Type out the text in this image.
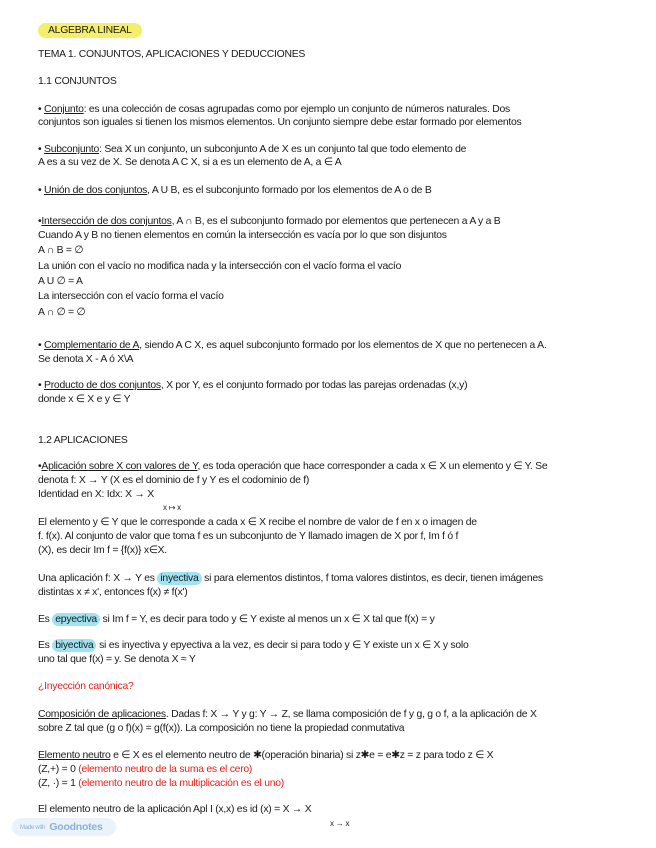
ALGEBRA LINEAL
TEMA 1. CONJUNTOS, APLICACIONES Y DEDUCCIONES
1.1 CONJUNTOS
• Conjunto: es una colección de cosas agrupadas como por ejemplo un conjunto de números naturales. Dos
conjuntos son iguales si tienen los mismos elementos. Un conjunto siempre debe estar formado por elementos
• Subconjunto: Sea X un conjunto, un subconjunto A de X es un conjunto tal que todo elemento de
A es a su vez de X. Se denota A C X, si a es un elemento de A, a ∈ A
• Unión de dos conjuntos, A U B, es el subconjunto formado por los elementos de A o de B
•Intersección de dos conjuntos, A ∩ B, es el subconjunto formado por elementos que pertenecen a A y a B
Cuando A y B no tienen elementos en común la intersección es vacía por lo que son disjuntos
A ∩ B = ∅
La unión con el vacío no modifica nada y la intersección con el vacío forma el vacío
A U ∅ = A
La intersección con el vacío forma el vacío
A ∩ ∅ = ∅
• Complementario de A, siendo A C X, es aquel subconjunto formado por los elementos de X que no pertenecen a A.
Se denota X - A ó X\A
• Producto de dos conjuntos, X por Y, es el conjunto formado por todas las parejas ordenadas (x,y)
donde x ∈ X e y ∈ Y
1.2 APLICACIONES
•Aplicación sobre X con valores de Y, es toda operación que hace corresponder a cada x ∈ X un elemento y ∈ Y. Se
denota f: X → Y (X es el dominio de f y Y es el codominio de f)
Identidad en X: Idx: X → X
x ↦ x
El elemento y ∈ Y que le corresponde a cada x ∈ X recibe el nombre de valor de f en x o imagen de
f. f(x). Al conjunto de valor que toma f es un subconjunto de Y llamado imagen de X por f, Im f ó f
(X), es decir Im f = {f(x)} x∈X.
Una aplicación f: X → Y es inyectiva si para elementos distintos, f toma valores distintos, es decir, tienen imágenes
distintas x ≠ x', entonces f(x) ≠ f(x')
Es epyectiva si Im f = Y, es decir para todo y ∈ Y existe al menos un x ∈ X tal que f(x) = y
Es biyectiva si es inyectiva y epyectiva a la vez, es decir si para todo y ∈ Y existe un x ∈ X y solo
uno tal que f(x) = y. Se denota X ≈ Y
¿Inyección canónica?
Composición de aplicaciones. Dadas f: X → Y y g: Y → Z, se llama composición de f y g, g o f, a la aplicación de X
sobre Z tal que (g o f)(x) = g(f(x)). La composición no tiene la propiedad conmutativa
Elemento neutro e ∈ X es el elemento neutro de ✱(operación binaria) si z✱e = e✱z = z para todo z ∈ X
(Z,+) = 0 (elemento neutro de la suma es el cero)
(Z, ·) = 1 (elemento neutro de la multiplicación es el uno)
El elemento neutro de la aplicación Apl I (x,x) es id (x) = X → X
x → x
Made with Goodnotes
